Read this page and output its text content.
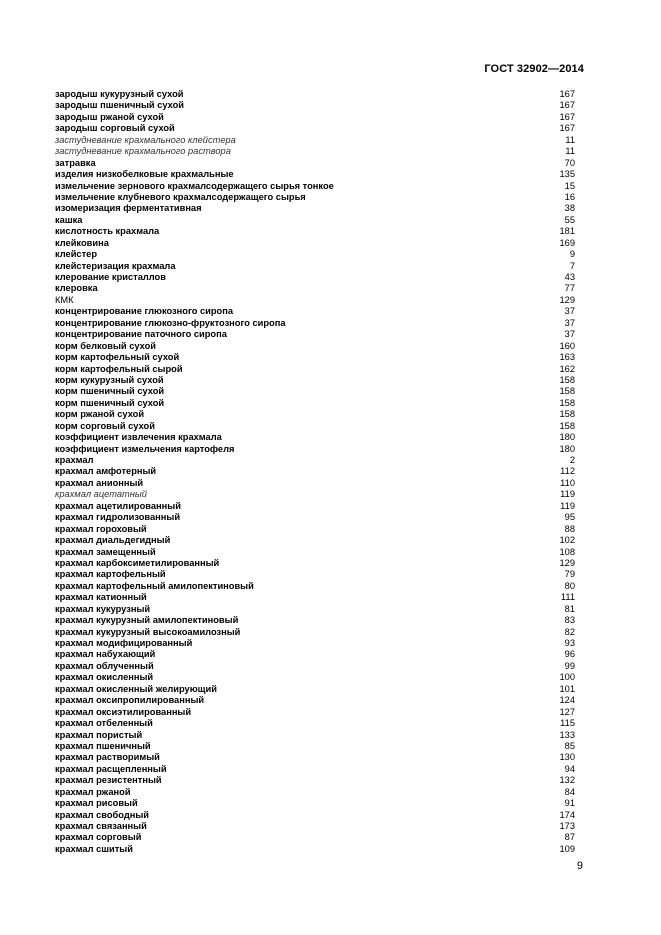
ГОСТ 32902—2014
зародыш кукурузный сухой	167
зародыш пшеничный сухой	167
зародыш ржаной сухой	167
зародыш сорговый сухой	167
застудневание крахмального клейстера	11
застудневание крахмального раствора	11
затравка	70
изделия низкобелковые крахмальные	135
измельчение зернового крахмалсодержащего сырья тонкое	15
измельчение клубневого крахмалсодержащего сырья	16
изомеризация ферментативная	38
кашка	55
кислотность крахмала	181
клейковина	169
клейстер	9
клейстеризация крахмала	7
клерование кристаллов	43
клеровка	77
КМК	129
концентрирование глюкозного сиропа	37
концентрирование глюкозно-фруктозного сиропа	37
концентрирование паточного сиропа	37
корм белковый сухой	160
корм картофельный сухой	163
корм картофельный сырой	162
корм кукурузный сухой	158
корм пшеничный сухой	158
корм пшеничный сухой	158
корм ржаной сухой	158
корм сорговый сухой	158
коэффициент извлечения крахмала	180
коэффициент измельчения картофеля	180
крахмал	2
крахмал амфотерный	112
крахмал анионный	110
крахмал ацетатный	119
крахмал ацетилированный	119
крахмал гидролизованный	95
крахмал гороховый	88
крахмал диальдегидный	102
крахмал замещенный	108
крахмал карбоксиметилированный	129
крахмал картофельный	79
крахмал картофельный амилопектиновый	80
крахмал катионный	111
крахмал кукурузный	81
крахмал кукурузный амилопектиновый	83
крахмал кукурузный высокоамилозный	82
крахмал модифицированный	93
крахмал набухающий	96
крахмал облученный	99
крахмал окисленный	100
крахмал окисленный желирующий	101
крахмал оксипропилированный	124
крахмал оксиэтилированный	127
крахмал отбеленный	115
крахмал пористый	133
крахмал пшеничный	85
крахмал растворимый	130
крахмал расщепленный	94
крахмал резистентный	132
крахмал ржаной	84
крахмал рисовый	91
крахмал свободный	174
крахмал связанный	173
крахмал сорговый	87
крахмал сшитый	109
9
